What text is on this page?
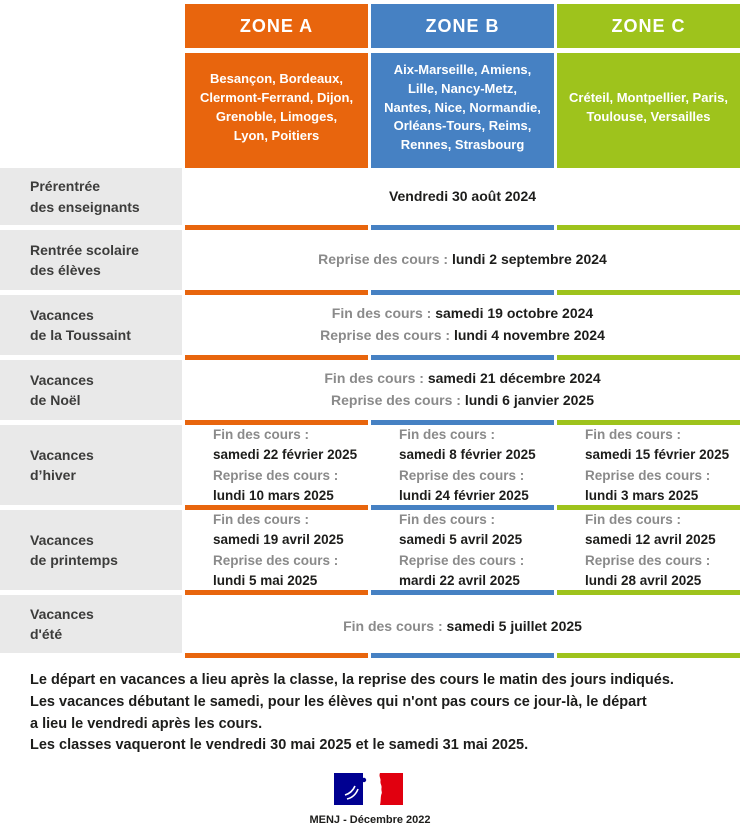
ZONE A	ZONE B	ZONE C
Besançon, Bordeaux, Clermont-Ferrand, Dijon, Grenoble, Limoges, Lyon, Poitiers
Aix-Marseille, Amiens, Lille, Nancy-Metz, Nantes, Nice, Normandie, Orléans-Tours, Reims, Rennes, Strasbourg
Créteil, Montpellier, Paris, Toulouse, Versailles
Prérentrée
des enseignants
Vendredi 30 août 2024
Rentrée scolaire
des élèves
Reprise des cours : lundi 2 septembre 2024
Vacances
de la Toussaint
Fin des cours : samedi 19 octobre 2024
Reprise des cours : lundi 4 novembre 2024
Vacances
de Noël
Fin des cours : samedi 21 décembre 2024
Reprise des cours : lundi 6 janvier 2025
Vacances
d’hiver
Fin des cours :
samedi 22 février 2025
Reprise des cours :
lundi 10 mars 2025
Fin des cours :
samedi 8 février 2025
Reprise des cours :
lundi 24 février 2025
Fin des cours :
samedi 15 février 2025
Reprise des cours :
lundi 3 mars 2025
Vacances
de printemps
Fin des cours :
samedi 19 avril 2025
Reprise des cours :
lundi 5 mai 2025
Fin des cours :
samedi 5 avril 2025
Reprise des cours :
mardi 22 avril 2025
Fin des cours :
samedi 12 avril 2025
Reprise des cours :
lundi 28 avril 2025
Vacances
d'été
Fin des cours : samedi 5 juillet 2025
Le départ en vacances a lieu après la classe, la reprise des cours le matin des jours indiqués.
Les vacances débutant le samedi, pour les élèves qui n'ont pas cours ce jour-là, le départ
a lieu le vendredi après les cours.
Les classes vaqueront le vendredi 30 mai 2025 et le samedi 31 mai 2025.
MENJ - Décembre 2022
